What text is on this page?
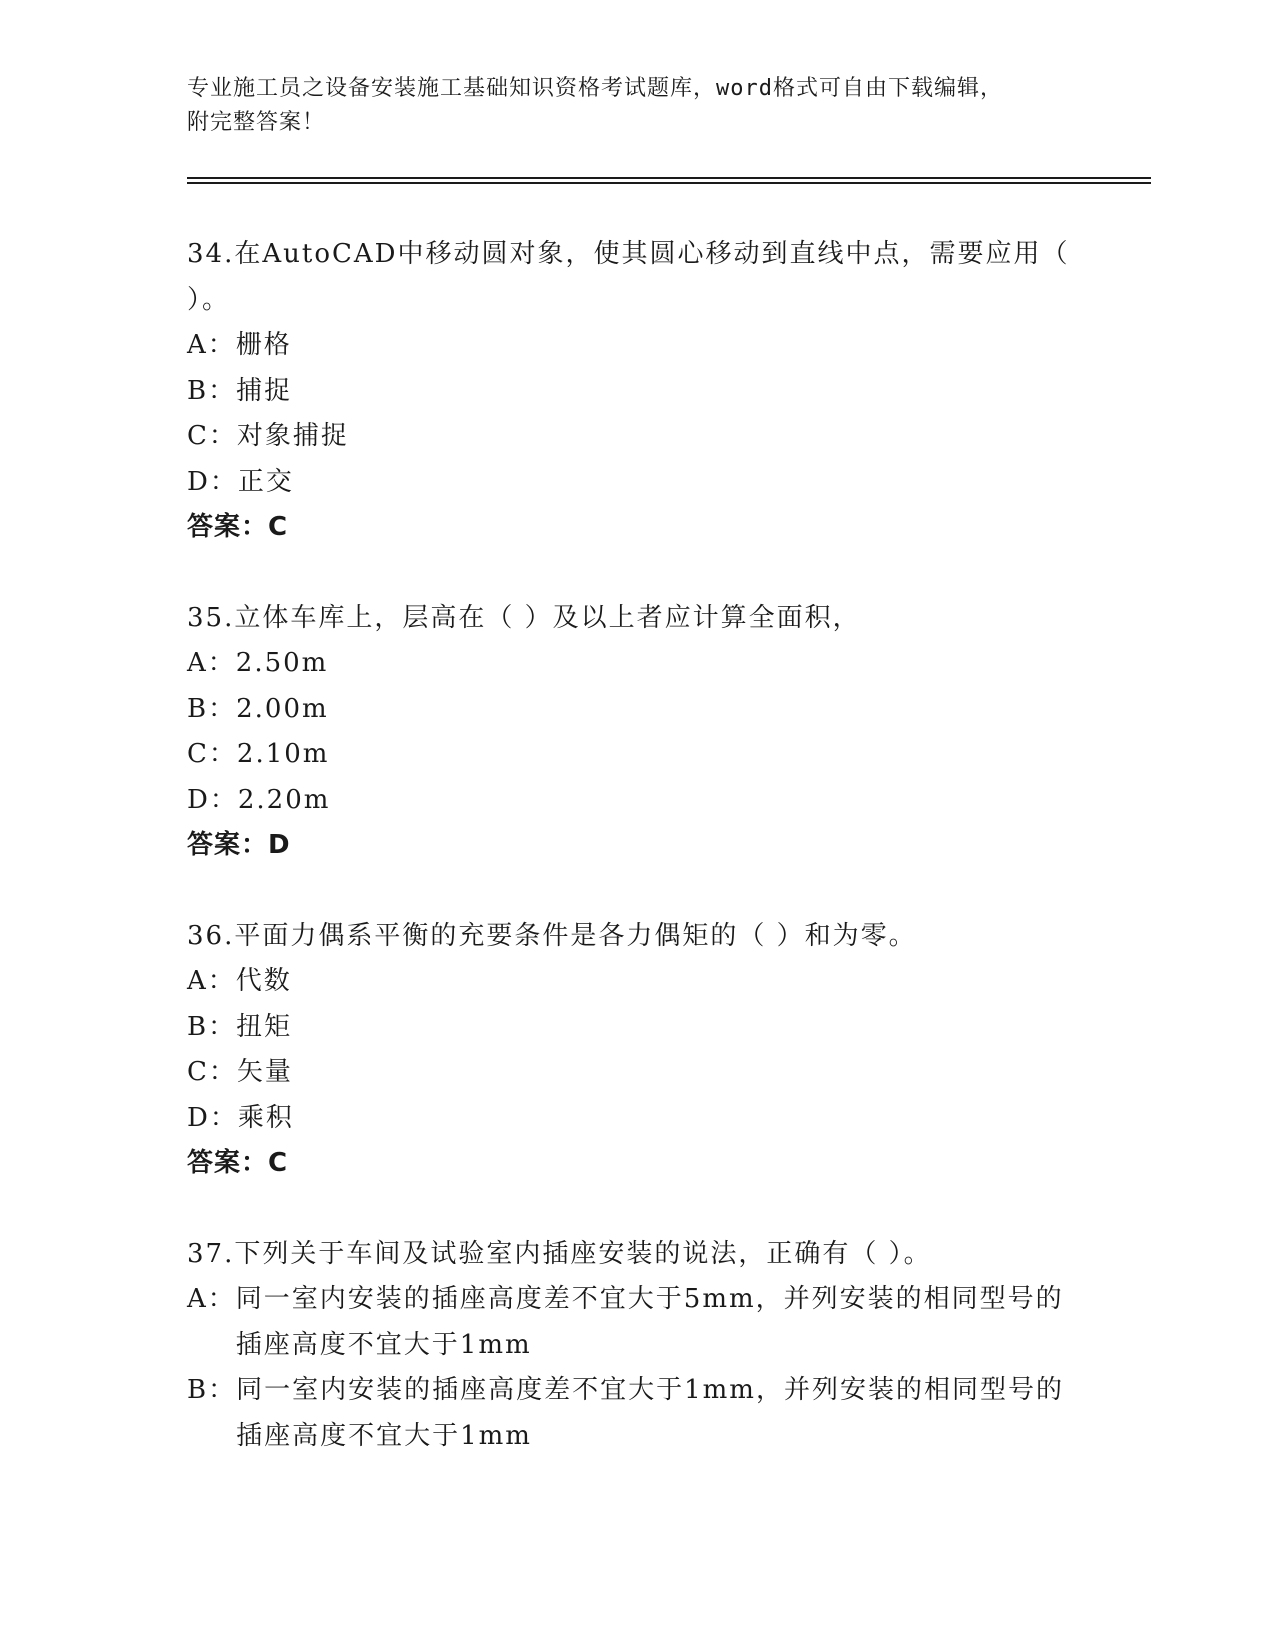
专业施工员之设备安装施工基础知识资格考试题库，word格式可自由下载编辑，
附完整答案！

34.在AutoCAD中移动圆对象，使其圆心移动到直线中点，需要应用（ ）。

A： 栅格

B： 捕捉

C： 对象捕捉

D： 正交

答案：C

35.立体车库上，层高在（ ）及以上者应计算全面积，

A： 2.50m

B： 2.00m

C： 2.10m

D： 2.20m

答案：D

36.平面力偶系平衡的充要条件是各力偶矩的（ ）和为零。

A： 代数

B： 扭矩

C： 矢量

D： 乘积

答案：C

37.下列关于车间及试验室内插座安装的说法，正确有（ ）。

A： 同一室内安装的插座高度差不宜大于5mm，并列安装的相同型号的插座高度不宜大于1mm

B： 同一室内安装的插座高度差不宜大于1mm，并列安装的相同型号的插座高度不宜大于1mm
